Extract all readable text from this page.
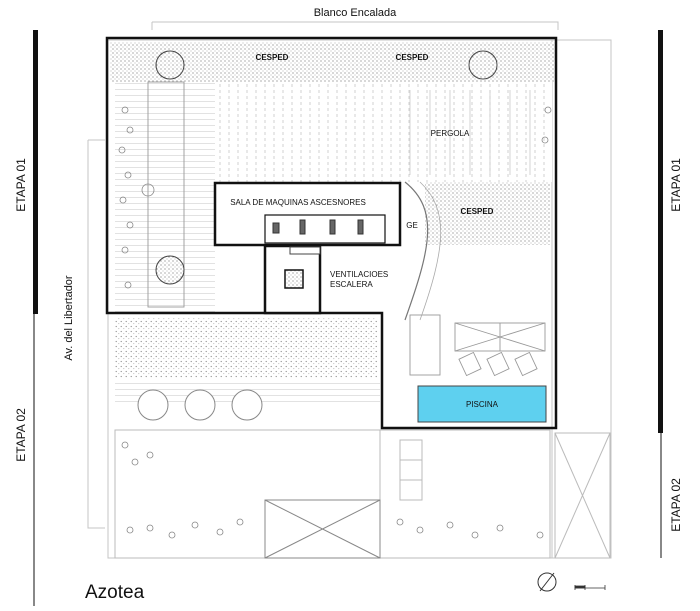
Blanco Encalada
Av. del Libertador
ETAPA 01
ETAPA 02
ETAPA 01
ETAPA 02
CESPED	CESPED
CESPED
PERGOLA
SALA DE MAQUINAS ASCESNORES
GE
VENTILACIOES
ESCALERA
PISCINA
Azotea
